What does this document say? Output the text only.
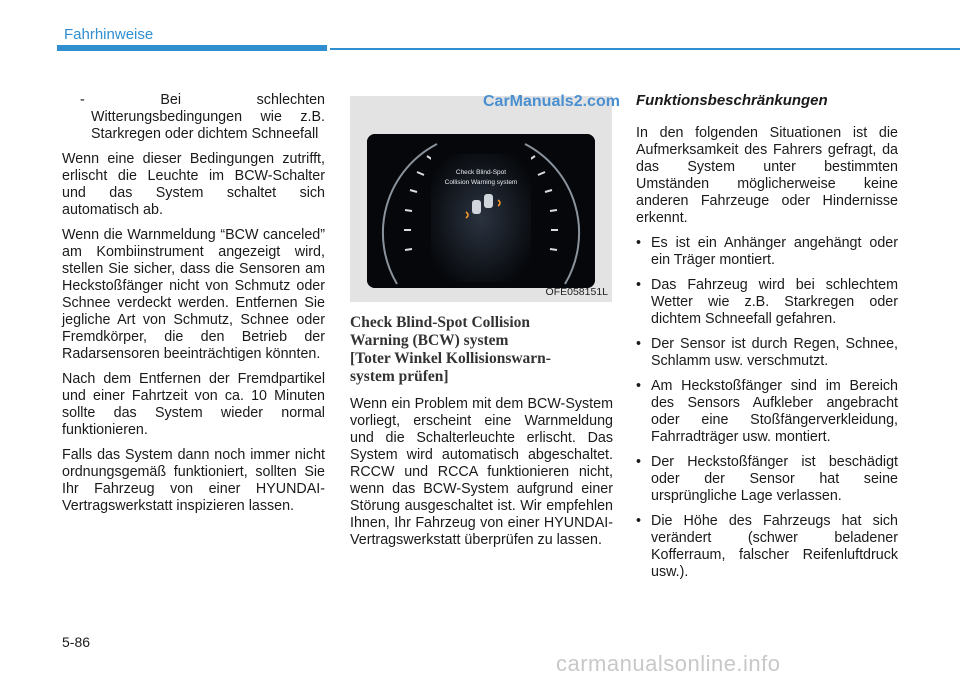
Fahrhinweise

- Bei schlechten Witterungsbedingungen wie z.B. Starkregen oder dichtem Schneefall

Wenn eine dieser Bedingungen zutrifft, erlischt die Leuchte im BCW-Schalter und das System schaltet sich automatisch ab.

Wenn die Warnmeldung “BCW canceled” am Kombiinstrument angezeigt wird, stellen Sie sicher, dass die Sensoren am Heckstoßfänger nicht von Schmutz oder Schnee verdeckt werden. Entfernen Sie jegliche Art von Schmutz, Schnee oder Fremdkörper, die den Betrieb der Radarsensoren beeinträchtigen könnten.

Nach dem Entfernen der Fremdpartikel und einer Fahrtzeit von ca. 10 Minuten sollte das System wieder normal funktionieren.

Falls das System dann noch immer nicht ordnungsgemäß funktioniert, sollten Sie Ihr Fahrzeug von einer HYUNDAI-Vertragswerkstatt inspizieren lassen.

CarManuals2.com
Check Blind-Spot
Collision Warning system
OFE058151L
Check Blind-Spot Collision
Warning (BCW) system
[Toter Winkel Kollisionswarn-
system prüfen]

Wenn ein Problem mit dem BCW-System vorliegt, erscheint eine Warnmeldung und die Schalterleuchte erlischt. Das System wird automatisch abgeschaltet. RCCW und RCCA funktionieren nicht, wenn das BCW-System aufgrund einer Störung ausgeschaltet ist. Wir empfehlen Ihnen, Ihr Fahrzeug von einer HYUNDAI-Vertragswerkstatt überprüfen zu lassen.

Funktionsbeschränkungen

In den folgenden Situationen ist die Aufmerksamkeit des Fahrers gefragt, da das System unter bestimmten Umständen möglicherweise keine anderen Fahrzeuge oder Hindernisse erkennt.

• Es ist ein Anhänger angehängt oder ein Träger montiert.
• Das Fahrzeug wird bei schlechtem Wetter wie z.B. Starkregen oder dichtem Schneefall gefahren.
• Der Sensor ist durch Regen, Schnee, Schlamm usw. verschmutzt.
• Am Heckstoßfänger sind im Bereich des Sensors Aufkleber angebracht oder eine Stoßfängerverkleidung, Fahrradträger usw. montiert.
• Der Heckstoßfänger ist beschädigt oder der Sensor hat seine ursprüngliche Lage verlassen.
• Die Höhe des Fahrzeugs hat sich verändert (schwer beladener Kofferraum, falscher Reifenluftdruck usw.).
5-86
carmanualsonline.info
